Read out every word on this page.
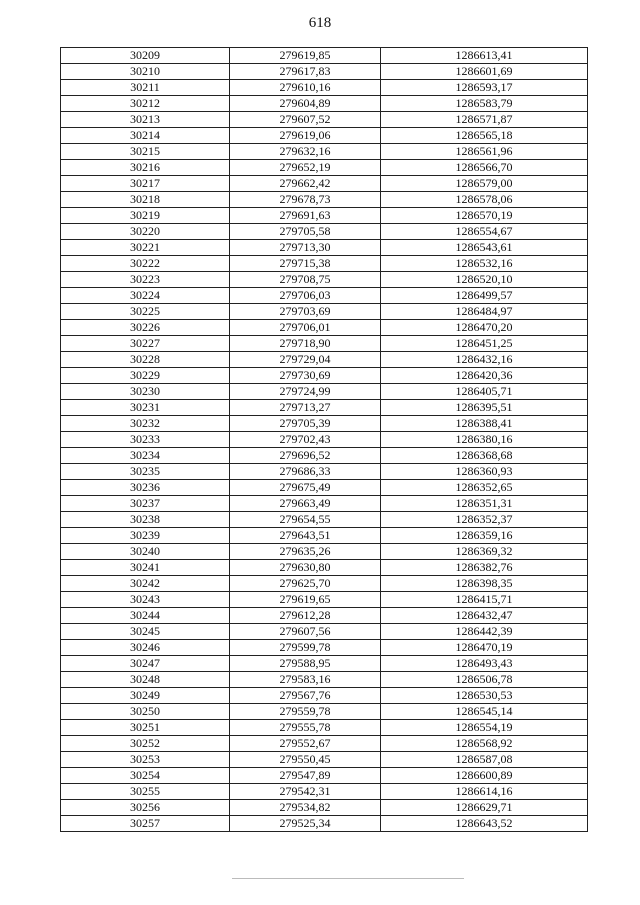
618
30209	279619,85	1286613,41
30210	279617,83	1286601,69
30211	279610,16	1286593,17
30212	279604,89	1286583,79
30213	279607,52	1286571,87
30214	279619,06	1286565,18
30215	279632,16	1286561,96
30216	279652,19	1286566,70
30217	279662,42	1286579,00
30218	279678,73	1286578,06
30219	279691,63	1286570,19
30220	279705,58	1286554,67
30221	279713,30	1286543,61
30222	279715,38	1286532,16
30223	279708,75	1286520,10
30224	279706,03	1286499,57
30225	279703,69	1286484,97
30226	279706,01	1286470,20
30227	279718,90	1286451,25
30228	279729,04	1286432,16
30229	279730,69	1286420,36
30230	279724,99	1286405,71
30231	279713,27	1286395,51
30232	279705,39	1286388,41
30233	279702,43	1286380,16
30234	279696,52	1286368,68
30235	279686,33	1286360,93
30236	279675,49	1286352,65
30237	279663,49	1286351,31
30238	279654,55	1286352,37
30239	279643,51	1286359,16
30240	279635,26	1286369,32
30241	279630,80	1286382,76
30242	279625,70	1286398,35
30243	279619,65	1286415,71
30244	279612,28	1286432,47
30245	279607,56	1286442,39
30246	279599,78	1286470,19
30247	279588,95	1286493,43
30248	279583,16	1286506,78
30249	279567,76	1286530,53
30250	279559,78	1286545,14
30251	279555,78	1286554,19
30252	279552,67	1286568,92
30253	279550,45	1286587,08
30254	279547,89	1286600,89
30255	279542,31	1286614,16
30256	279534,82	1286629,71
30257	279525,34	1286643,52
